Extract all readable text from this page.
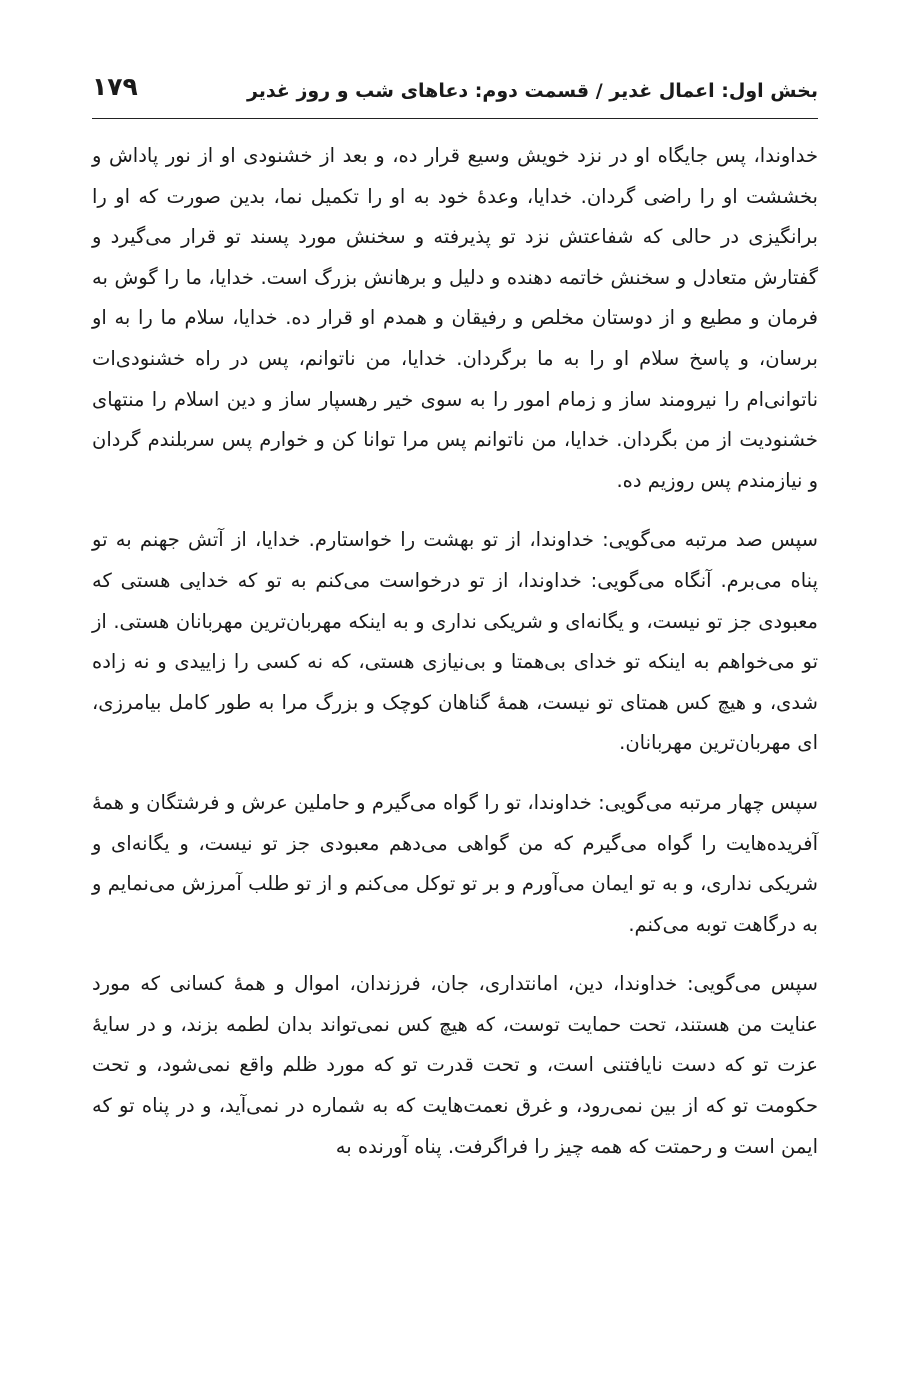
بخش اول: اعمال غدیر / قسمت دوم: دعاهای شب و روز غدیر
۱۷۹

خداوندا، پس جایگاه او در نزد خویش وسیع قرار ده، و بعد از خشنودی او از نور پاداش و بخششت او را راضی گردان. خدایا، وعدهٔ خود به او را تکمیل نما، بدین صورت که او را برانگیزی در حالی که شفاعتش نزد تو پذیرفته و سخنش مورد پسند تو قرار می‌گیرد و گفتارش متعادل و سخنش خاتمه دهنده و دلیل و برهانش بزرگ است. خدایا، ما را گوش به فرمان و مطیع و از دوستان مخلص و رفیقان و همدم او قرار ده. خدایا، سلام ما را به او برسان، و پاسخ سلام او را به ما برگردان. خدایا، من ناتوانم، پس در راه خشنودی‌ات ناتوانی‌ام را نیرومند ساز و زمام امور را به سوی خیر رهسپار ساز و دین اسلام را منتهای خشنودیت از من بگردان. خدایا، من ناتوانم پس مرا توانا کن و خوارم پس سربلندم گردان و نیازمندم پس روزیم ده.

سپس صد مرتبه می‌گویی: خداوندا، از تو بهشت را خواستارم. خدایا، از آتش جهنم به تو پناه می‌برم. آنگاه می‌گویی: خداوندا، از تو درخواست می‌کنم به تو که خدایی هستی که معبودی جز تو نیست، و یگانه‌ای و شریکی نداری و به اینکه مهربان‌ترین مهربانان هستی. از تو می‌خواهم به اینکه تو خدای بی‌همتا و بی‌نیازی هستی، که نه کسی را زاییدی و نه زاده شدی، و هیچ کس همتای تو نیست، همهٔ گناهان کوچک و بزرگ مرا به طور کامل بیامرزی، ای مهربان‌ترین مهربانان.

سپس چهار مرتبه می‌گویی: خداوندا، تو را گواه می‌گیرم و حاملین عرش و فرشتگان و همهٔ آفریده‌هایت را گواه می‌گیرم که من گواهی می‌دهم معبودی جز تو نیست، و یگانه‌ای و شریکی نداری، و به تو ایمان می‌آورم و بر تو توکل می‌کنم و از تو طلب آمرزش می‌نمایم و به درگاهت توبه می‌کنم.

سپس می‌گویی: خداوندا، دین، امانتداری، جان، فرزندان، اموال و همهٔ کسانی که مورد عنایت من هستند، تحت حمایت توست، که هیچ کس نمی‌تواند بدان لطمه بزند، و در سایهٔ عزت تو که دست نایافتنی است، و تحت قدرت تو که مورد ظلم واقع نمی‌شود، و تحت حکومت تو که از بین نمی‌رود، و غرق نعمت‌هایت که به شماره در نمی‌آید، و در پناه تو که ایمن است و رحمتت که همه چیز را فراگرفت. پناه آورنده به
